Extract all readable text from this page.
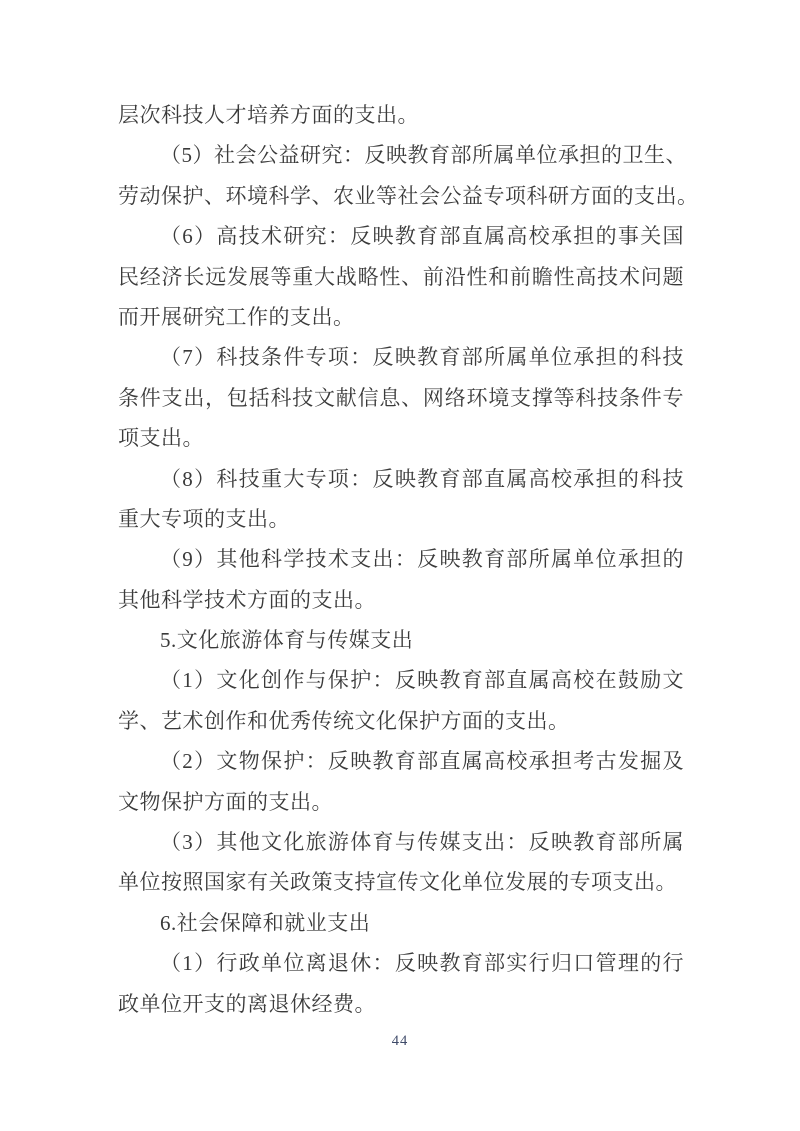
层次科技人才培养方面的支出。
（5）社会公益研究：反映教育部所属单位承担的卫生、
劳动保护、环境科学、农业等社会公益专项科研方面的支出。
（6）高技术研究：反映教育部直属高校承担的事关国
民经济长远发展等重大战略性、前沿性和前瞻性高技术问题
而开展研究工作的支出。
（7）科技条件专项：反映教育部所属单位承担的科技
条件支出，包括科技文献信息、网络环境支撑等科技条件专
项支出。
（8）科技重大专项：反映教育部直属高校承担的科技
重大专项的支出。
（9）其他科学技术支出：反映教育部所属单位承担的
其他科学技术方面的支出。
5.文化旅游体育与传媒支出
（1）文化创作与保护：反映教育部直属高校在鼓励文
学、艺术创作和优秀传统文化保护方面的支出。
（2）文物保护：反映教育部直属高校承担考古发掘及
文物保护方面的支出。
（3）其他文化旅游体育与传媒支出：反映教育部所属
单位按照国家有关政策支持宣传文化单位发展的专项支出。
6.社会保障和就业支出
（1）行政单位离退休：反映教育部实行归口管理的行
政单位开支的离退休经费。
44
